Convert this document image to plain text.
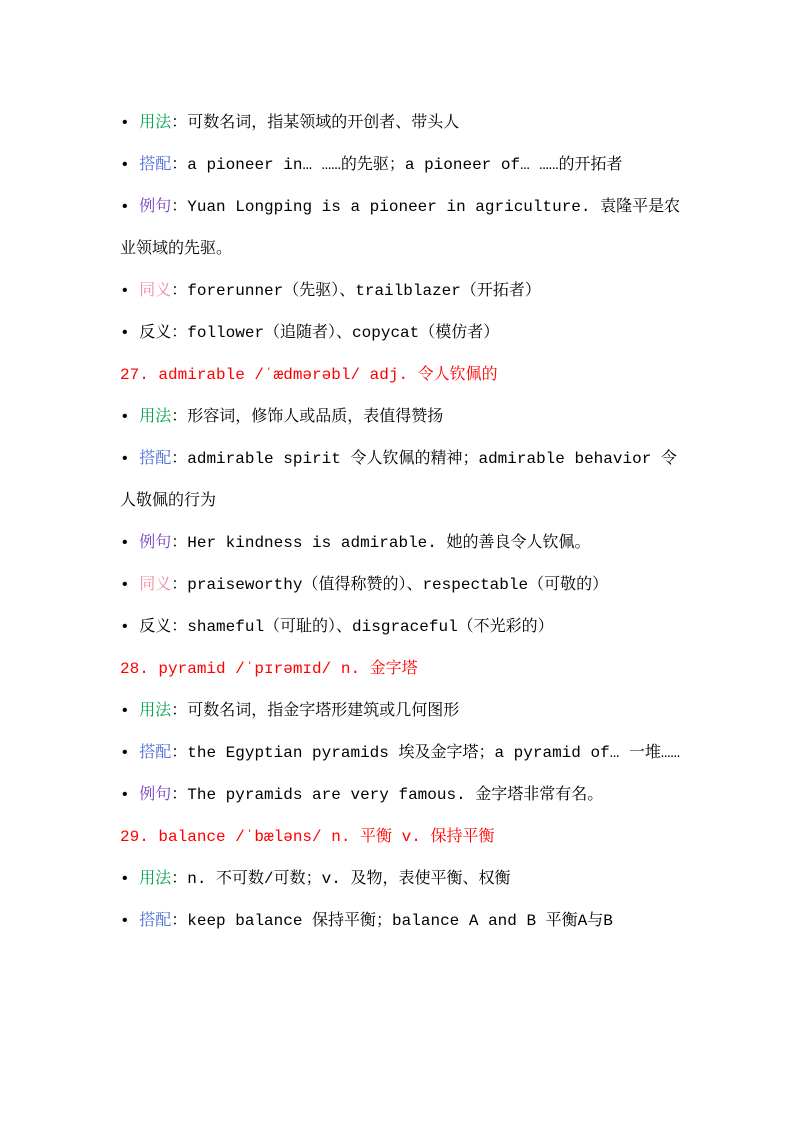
• 用法：可数名词，指某领域的开创者、带头人
• 搭配：a pioneer in… ……的先驱；a pioneer of… ……的开拓者
• 例句：Yuan Longping is a pioneer in agriculture. 袁隆平是农业领域的先驱。
• 同义：forerunner（先驱）、trailblazer（开拓者）
• 反义：follower（追随者）、copycat（模仿者）
27. admirable /ˈædmərəbl/ adj. 令人钦佩的
• 用法：形容词，修饰人或品质，表值得赞扬
• 搭配：admirable spirit 令人钦佩的精神；admirable behavior 令人敬佩的行为
• 例句：Her kindness is admirable. 她的善良令人钦佩。
• 同义：praiseworthy（值得称赞的）、respectable（可敬的）
• 反义：shameful（可耻的）、disgraceful（不光彩的）
28. pyramid /ˈpɪrəmɪd/ n. 金字塔
• 用法：可数名词，指金字塔形建筑或几何图形
• 搭配：the Egyptian pyramids 埃及金字塔；a pyramid of… 一堆……
• 例句：The pyramids are very famous. 金字塔非常有名。
29. balance /ˈbæləns/ n. 平衡 v. 保持平衡
• 用法：n. 不可数/可数；v. 及物，表使平衡、权衡
• 搭配：keep balance 保持平衡；balance A and B 平衡A与B
